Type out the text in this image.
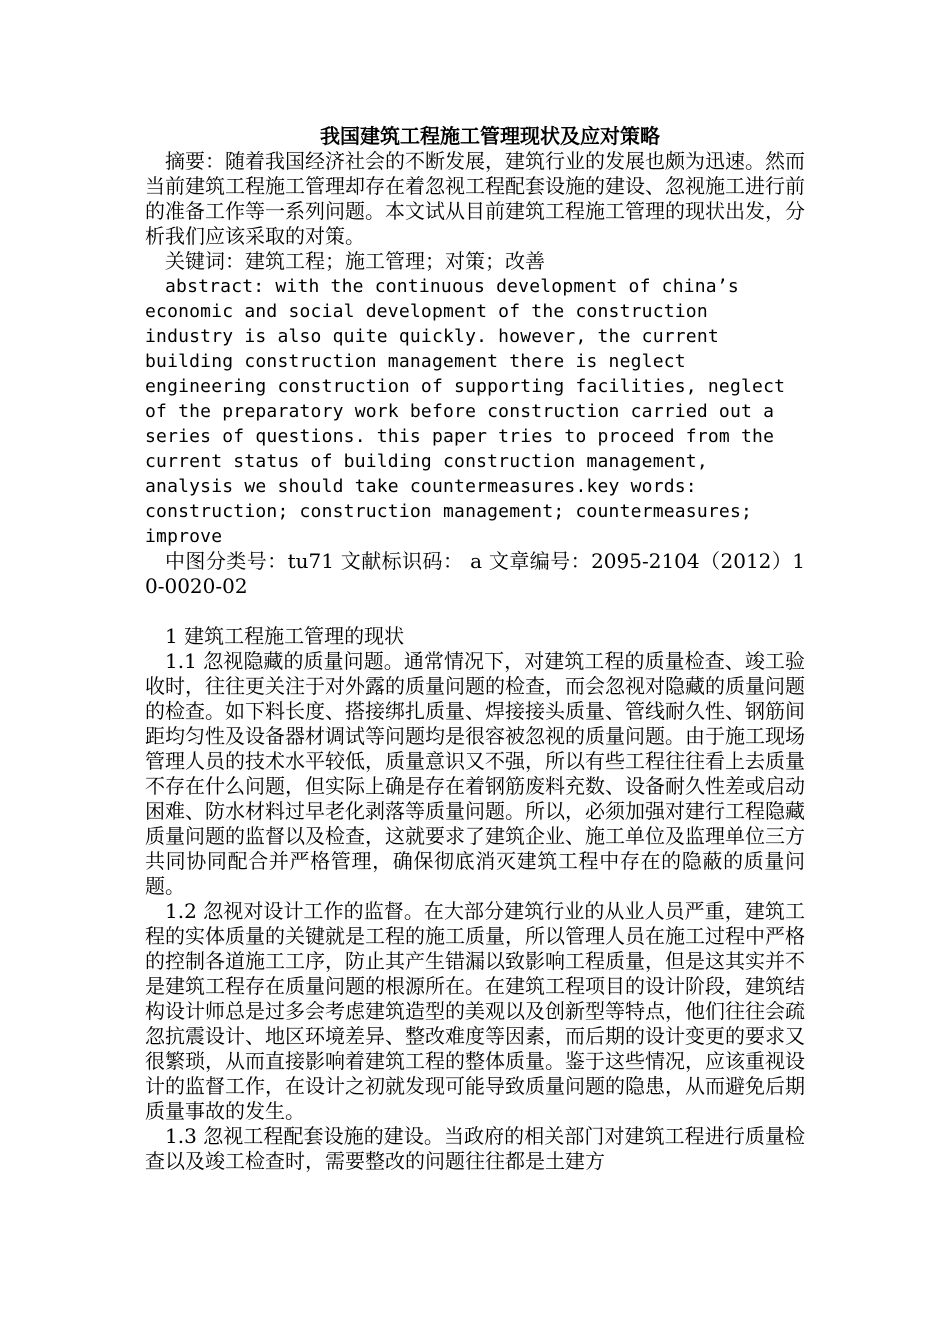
我国建筑工程施工管理现状及应对策略

摘要：随着我国经济社会的不断发展，建筑行业的发展也颇为迅速。然而当前建筑工程施工管理却存在着忽视工程配套设施的建设、忽视施工进行前的准备工作等一系列问题。本文试从目前建筑工程施工管理的现状出发，分析我们应该采取的对策。

关键词：建筑工程；施工管理；对策；改善

abstract: with the continuous development of china’s economic and social development of the construction industry is also quite quickly. however, the current building construction management there is neglect engineering construction of supporting facilities, neglect of the preparatory work before construction carried out a series of questions. this paper tries to proceed from the current status of building construction management, analysis we should take countermeasures.key words: construction; construction management; countermeasures; improve

中图分类号：tu71 文献标识码： a 文章编号：2095-2104（2012）10-0020-02

1 建筑工程施工管理的现状

1.1 忽视隐藏的质量问题。通常情况下，对建筑工程的质量检查、竣工验收时，往往更关注于对外露的质量问题的检查，而会忽视对隐藏的质量问题的检查。如下料长度、搭接绑扎质量、焊接接头质量、管线耐久性、钢筋间距均匀性及设备器材调试等问题均是很容被忽视的质量问题。由于施工现场管理人员的技术水平较低，质量意识又不强，所以有些工程往往看上去质量不存在什么问题，但实际上确是存在着钢筋废料充数、设备耐久性差或启动困难、防水材料过早老化剥落等质量问题。所以，必须加强对建行工程隐藏质量问题的监督以及检查，这就要求了建筑企业、施工单位及监理单位三方共同协同配合并严格管理，确保彻底消灭建筑工程中存在的隐蔽的质量问题。

1.2 忽视对设计工作的监督。在大部分建筑行业的从业人员严重，建筑工程的实体质量的关键就是工程的施工质量，所以管理人员在施工过程中严格的控制各道施工工序，防止其产生错漏以致影响工程质量，但是这其实并不是建筑工程存在质量问题的根源所在。在建筑工程项目的设计阶段，建筑结构设计师总是过多会考虑建筑造型的美观以及创新型等特点，他们往往会疏忽抗震设计、地区环境差异、整改难度等因素，而后期的设计变更的要求又很繁琐，从而直接影响着建筑工程的整体质量。鉴于这些情况，应该重视设计的监督工作，在设计之初就发现可能导致质量问题的隐患，从而避免后期质量事故的发生。

1.3 忽视工程配套设施的建设。当政府的相关部门对建筑工程进行质量检查以及竣工检查时，需要整改的问题往往都是土建方
